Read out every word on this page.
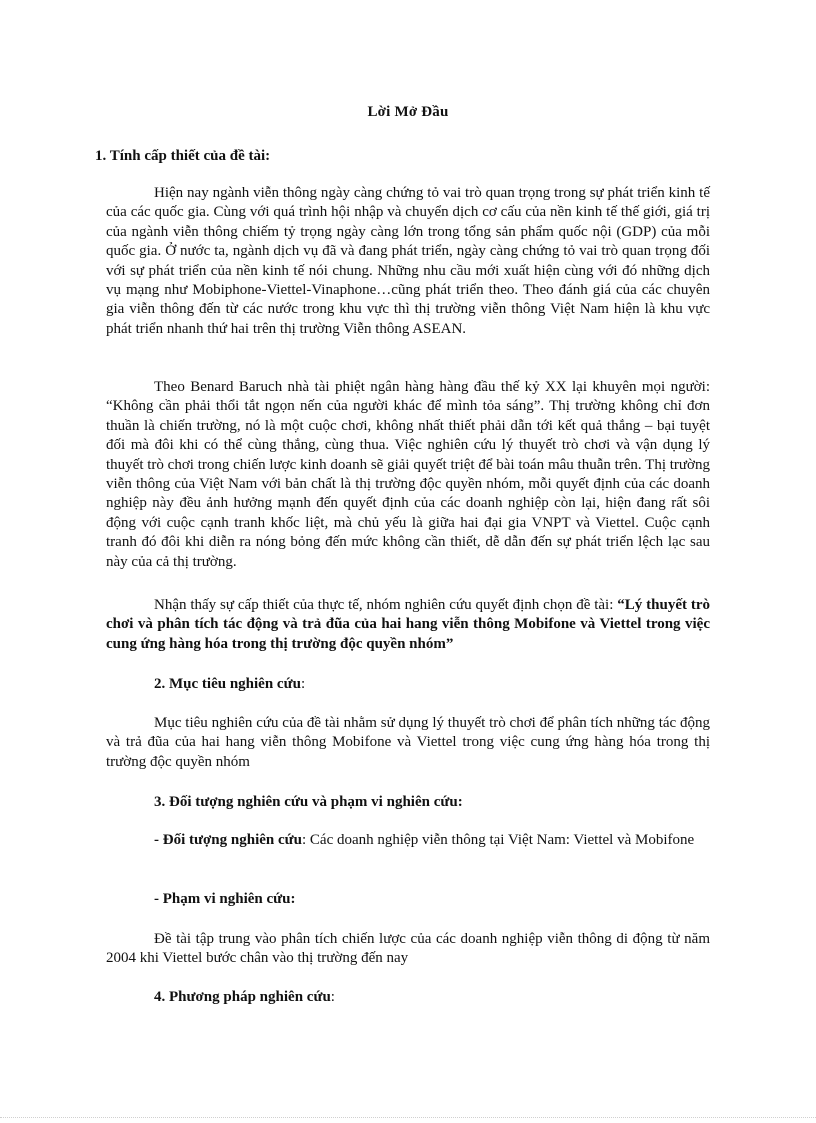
Lời Mở Đầu
1. Tính cấp thiết của đề tài:

Hiện nay ngành viễn thông ngày càng chứng tỏ vai trò quan trọng trong sự phát triển kinh tế của các quốc gia. Cùng với quá trình hội nhập và chuyển dịch cơ cấu của nền kinh tế thế giới, giá trị của ngành viễn thông chiếm tỷ trọng ngày càng lớn trong tổng sản phẩm quốc nội (GDP) của mỗi quốc gia. Ở nước ta, ngành dịch vụ đã và đang phát triển, ngày càng chứng tỏ vai trò quan trọng đối với sự phát triển của nền kinh tế nói chung. Những nhu cầu mới xuất hiện cùng với đó những dịch vụ mạng như Mobiphone-Viettel-Vinaphone…cũng phát triển theo. Theo đánh giá của các chuyên gia viễn thông đến từ các nước trong khu vực thì thị trường viễn thông Việt Nam hiện là khu vực phát triển nhanh thứ hai trên thị trường Viễn thông ASEAN.

Theo Benard Baruch nhà tài phiệt ngân hàng hàng đầu thế kỷ XX lại khuyên mọi người: “Không cần phải thổi tắt ngọn nến của người khác để mình tỏa sáng”. Thị trường không chỉ đơn thuần là chiến trường, nó là một cuộc chơi, không nhất thiết phải dẫn tới kết quả thắng – bại tuyệt đối mà đôi khi có thể cùng thắng, cùng thua. Việc nghiên cứu lý thuyết trò chơi và vận dụng lý thuyết trò chơi trong chiến lược kinh doanh sẽ giải quyết triệt để bài toán mâu thuẫn trên. Thị trường viễn thông của Việt Nam với bản chất là thị trường độc quyền nhóm, mỗi quyết định của các doanh nghiệp này đều ảnh hưởng mạnh đến quyết định của các doanh nghiệp còn lại, hiện đang rất sôi động với cuộc cạnh tranh khốc liệt, mà chủ yếu là giữa hai đại gia VNPT và Viettel. Cuộc cạnh tranh đó đôi khi diễn ra nóng bỏng đến mức không cần thiết, dễ dẫn đến sự phát triển lệch lạc sau này của cả thị trường.

Nhận thấy sự cấp thiết của thực tế, nhóm nghiên cứu quyết định chọn đề tài: “Lý thuyết trò chơi và phân tích tác động và trả đũa của hai hang viễn thông Mobifone và Viettel trong việc cung ứng hàng hóa trong thị trường độc quyền nhóm”

2. Mục tiêu nghiên cứu:

Mục tiêu nghiên cứu của đề tài nhằm sử dụng lý thuyết trò chơi để phân tích những tác động và trả đũa của hai hang viễn thông Mobifone và Viettel trong việc cung ứng hàng hóa trong thị trường độc quyền nhóm

3. Đối tượng nghiên cứu và phạm vi nghiên cứu:

- Đối tượng nghiên cứu: Các doanh nghiệp viễn thông tại Việt Nam: Viettel và Mobifone

- Phạm vi nghiên cứu:

Đề tài tập trung vào phân tích chiến lược của các doanh nghiệp viễn thông di động từ năm 2004 khi Viettel bước chân vào thị trường đến nay

4. Phương pháp nghiên cứu:
